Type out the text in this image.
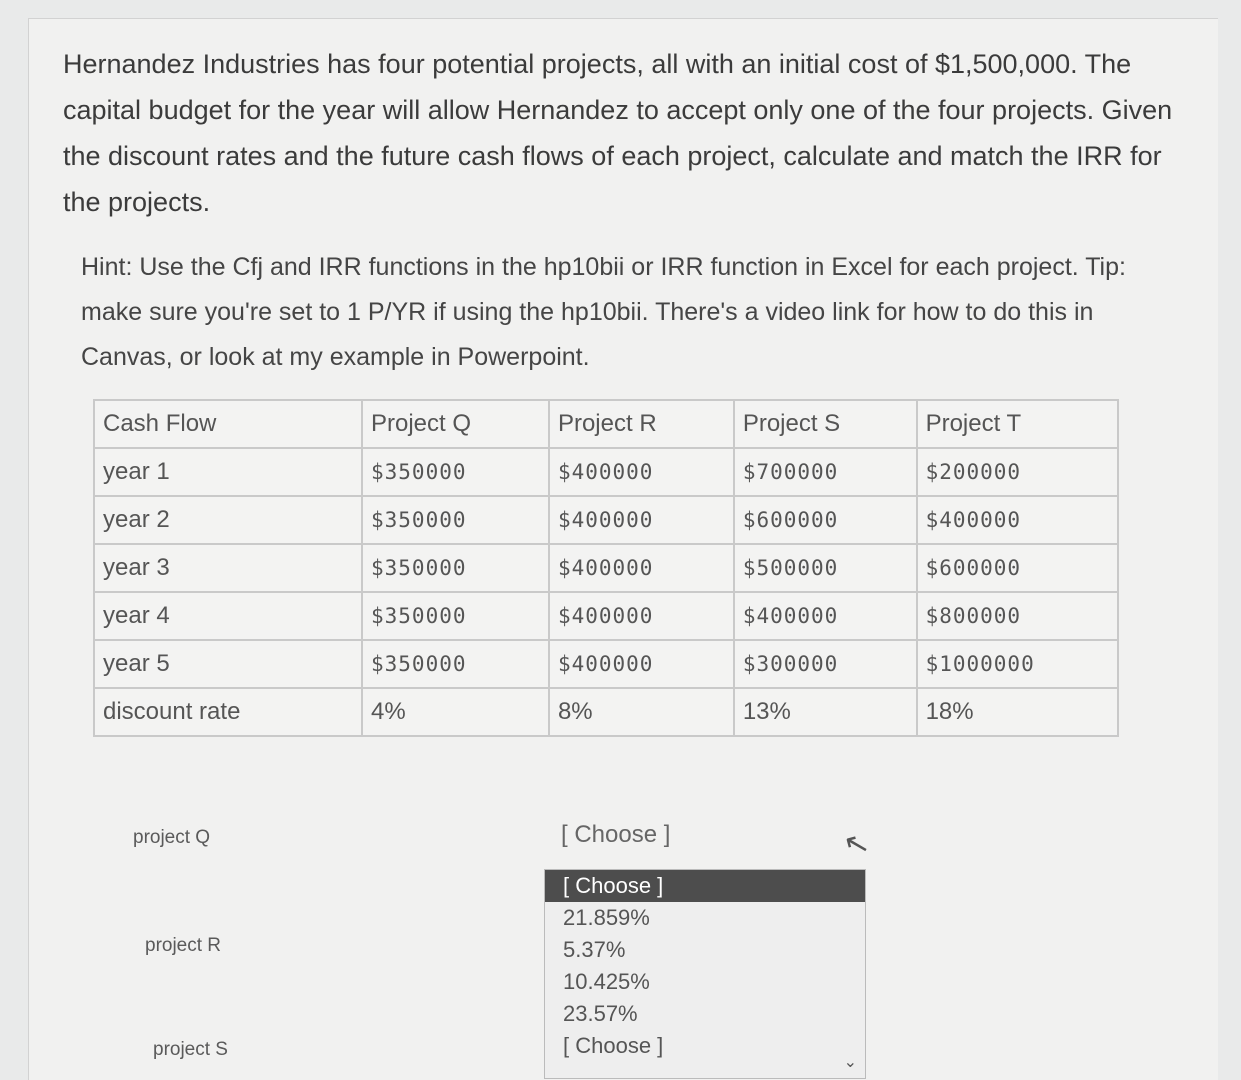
Hernandez Industries has four potential projects, all with an initial cost of $1,500,000. The capital budget for the year will allow Hernandez to accept only one of the four projects. Given the discount rates and the future cash flows of each project, calculate and match the IRR for the projects.

Hint: Use the Cfj and IRR functions in the hp10bii or IRR function in Excel for each project. Tip: make sure you're set to 1 P/YR if using the hp10bii. There's a video link for how to do this in Canvas, or look at my example in Powerpoint.

Cash Flow	Project Q	Project R	Project S	Project T
year 1	$350000	$400000	$700000	$200000
year 2	$350000	$400000	$600000	$400000
year 3	$350000	$400000	$500000	$600000
year 4	$350000	$400000	$400000	$800000
year 5	$350000	$400000	$300000	$1000000
discount rate	4%	8%	13%	18%
project Q
project R
project S
[ Choose ]
[ Choose ]
21.859%
5.37%
10.425%
23.57%
[ Choose ]
⌄
↖
